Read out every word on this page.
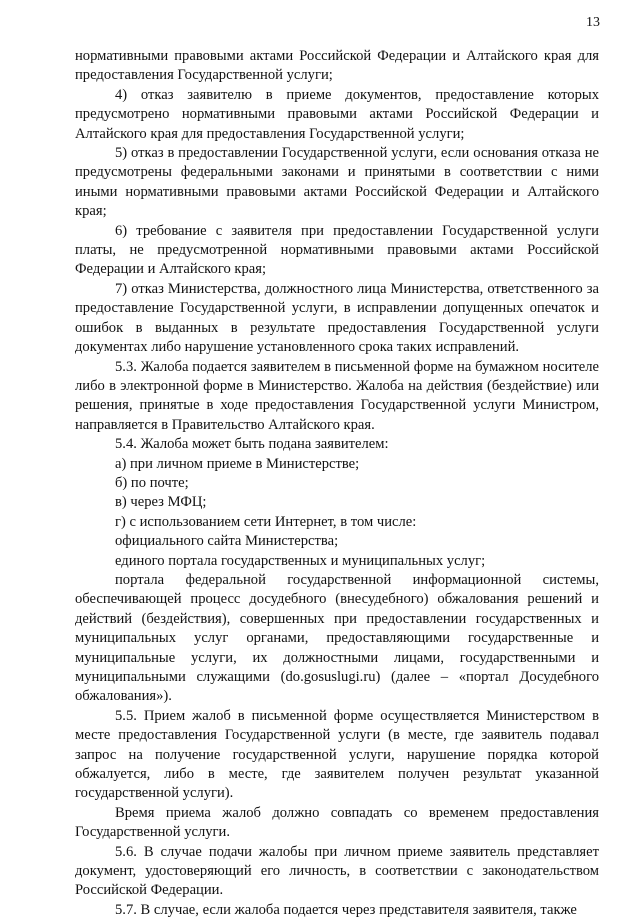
13

нормативными правовыми актами Российской Федерации и Алтайского края для предоставления Государственной услуги;

4) отказ заявителю в приеме документов, предоставление которых предусмотрено нормативными правовыми актами Российской Федерации и Алтайского края для предоставления Государственной услуги;

5) отказ в предоставлении Государственной услуги, если основания отказа не предусмотрены федеральными законами и принятыми в соответствии с ними иными нормативными правовыми актами Российской Федерации и Алтайского края;

6) требование с заявителя при предоставлении Государственной услуги платы, не предусмотренной нормативными правовыми актами Российской Федерации и Алтайского края;

7) отказ Министерства, должностного лица Министерства, ответственного за предоставление Государственной услуги, в исправлении допущенных опечаток и ошибок в выданных в результате предоставления Государственной услуги документах либо нарушение установленного срока таких исправлений.

5.3. Жалоба подается заявителем в письменной форме на бумажном носителе либо в электронной форме в Министерство. Жалоба на действия (бездействие) или решения, принятые в ходе предоставления Государственной услуги Министром, направляется в Правительство Алтайского края.

5.4. Жалоба может быть подана заявителем:

а) при личном приеме в Министерстве;

б) по почте;

в) через МФЦ;

г) с использованием сети Интернет, в том числе:

официального сайта Министерства;

единого портала государственных и муниципальных услуг;

портала федеральной государственной информационной системы, обеспечивающей процесс досудебного (внесудебного) обжалования решений и действий (бездействия), совершенных при предоставлении государственных и муниципальных услуг органами, предоставляющими государственные и муниципальные услуги, их должностными лицами, государственными и муниципальными служащими (do.gosuslugi.ru) (далее – «портал Досудебного обжалования»).

5.5. Прием жалоб в письменной форме осуществляется Министерством в месте предоставления Государственной услуги (в месте, где заявитель подавал запрос на получение государственной услуги, нарушение порядка которой обжалуется, либо в месте, где заявителем получен результат указанной государственной услуги).

Время приема жалоб должно совпадать со временем предоставления Государственной услуги.

5.6. В случае подачи жалобы при личном приеме заявитель представляет документ, удостоверяющий его личность, в соответствии с законодательством Российской Федерации.

5.7. В случае, если жалоба подается через представителя заявителя, также
